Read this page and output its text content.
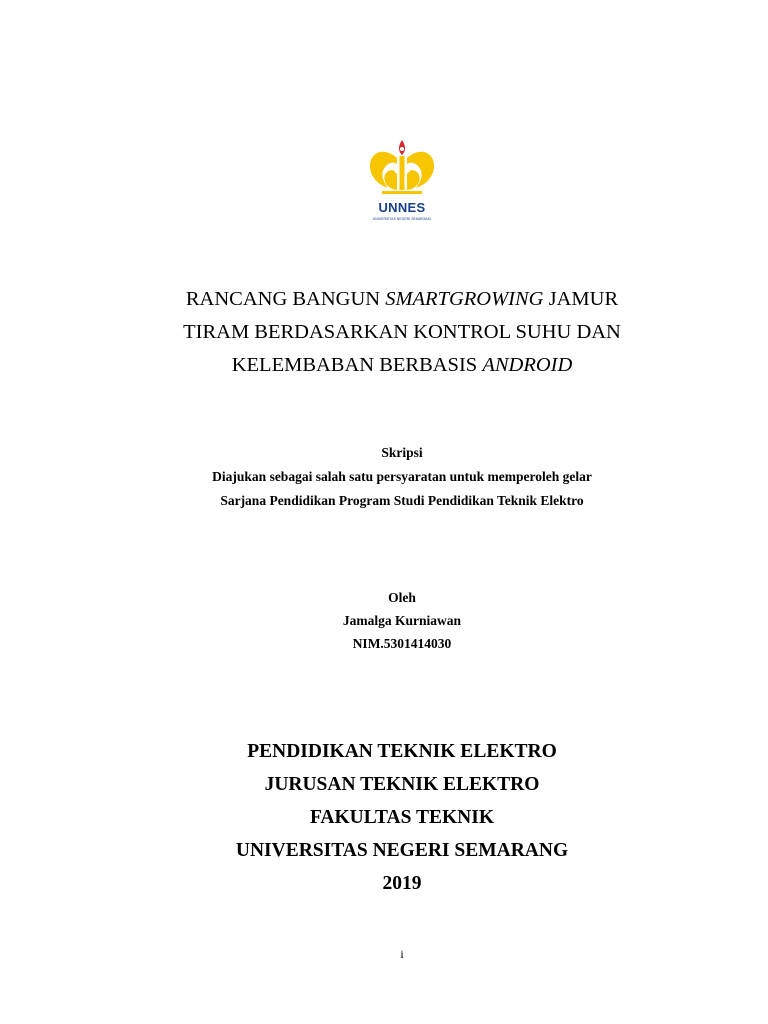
UNNES
UNIVERSITAS NEGERI SEMARANG
RANCANG BANGUN SMARTGROWING JAMUR
TIRAM BERDASARKAN KONTROL SUHU DAN
KELEMBABAN BERBASIS ANDROID
Skripsi
Diajukan sebagai salah satu persyaratan untuk memperoleh gelar
Sarjana Pendidikan Program Studi Pendidikan Teknik Elektro
Oleh
Jamalga Kurniawan
NIM.5301414030
PENDIDIKAN TEKNIK ELEKTRO
JURUSAN TEKNIK ELEKTRO
FAKULTAS TEKNIK
UNIVERSITAS NEGERI SEMARANG
2019
i
